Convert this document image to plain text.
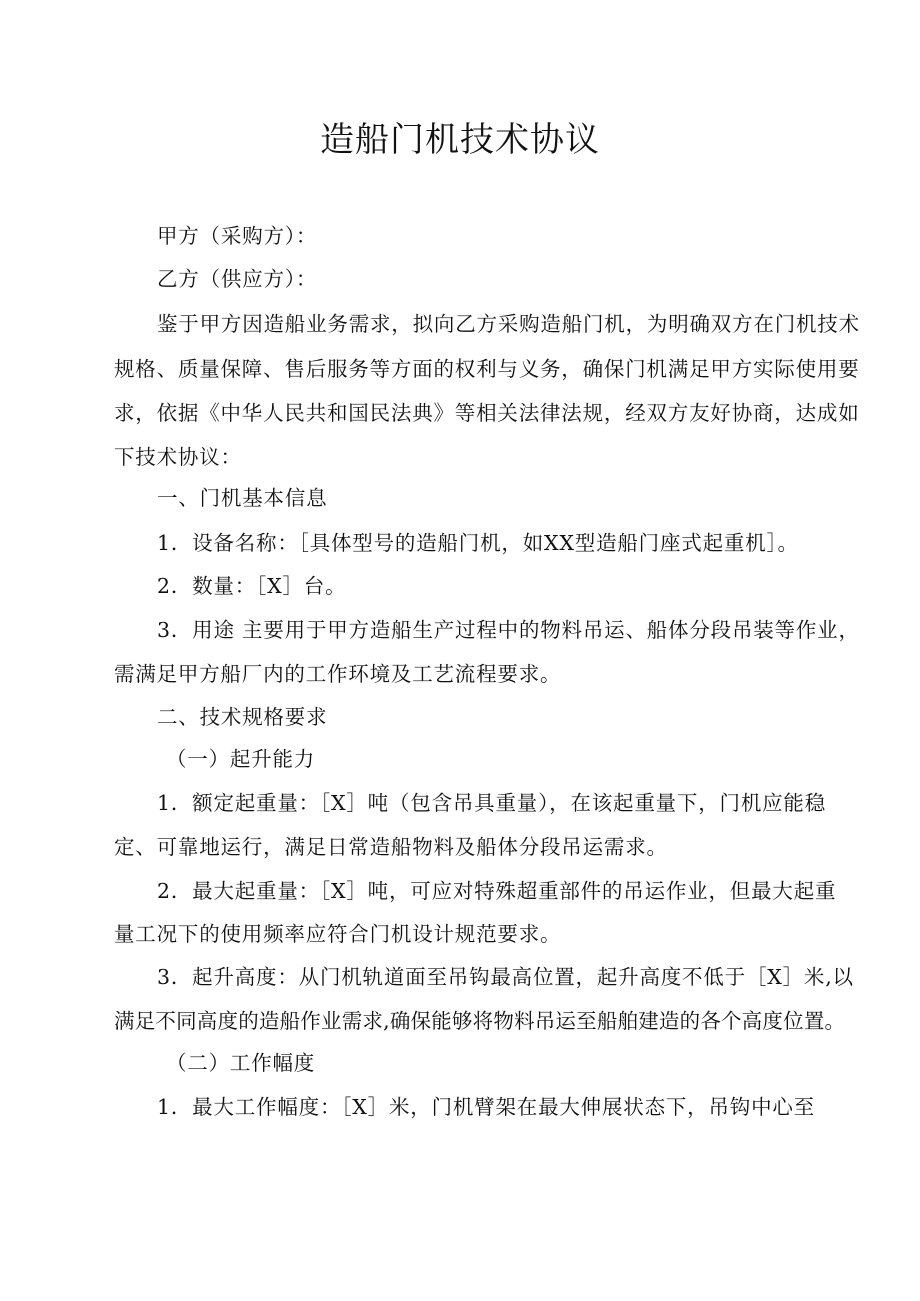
造船门机技术协议
甲方（采购方）：
乙方（供应方）：
鉴于甲方因造船业务需求，拟向乙方采购造船门机，为明确双方在门机技术
规格、质量保障、售后服务等方面的权利与义务，确保门机满足甲方实际使用要
求，依据《中华人民共和国民法典》等相关法律法规，经双方友好协商，达成如
下技术协议：
一、门机基本信息
1．设备名称：［具体型号的造船门机，如XX型造船门座式起重机］。
2．数量：［X］台。
3．用途 主要用于甲方造船生产过程中的物料吊运、船体分段吊装等作业，
需满足甲方船厂内的工作环境及工艺流程要求。
二、技术规格要求
（一）起升能力
1．额定起重量：［X］吨（包含吊具重量），在该起重量下，门机应能稳
定、可靠地运行，满足日常造船物料及船体分段吊运需求。
2．最大起重量：［X］吨，可应对特殊超重部件的吊运作业，但最大起重
量工况下的使用频率应符合门机设计规范要求。
3．起升高度：从门机轨道面至吊钩最高位置，起升高度不低于［X］米,以
满足不同高度的造船作业需求,确保能够将物料吊运至船舶建造的各个高度位置。
（二）工作幅度
1．最大工作幅度：［X］米，门机臂架在最大伸展状态下，吊钩中心至
